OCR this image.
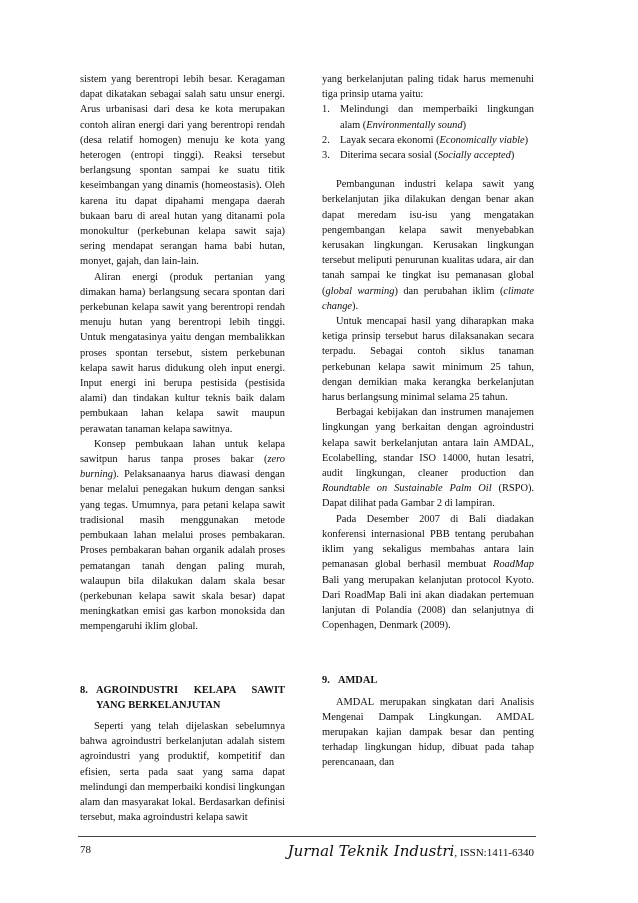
sistem yang berentropi lebih besar. Keragaman dapat dikatakan sebagai salah satu unsur energi. Arus urbanisasi dari desa ke kota merupakan contoh aliran energi dari yang berentropi rendah (desa relatif homogen) menuju ke kota yang heterogen (entropi tinggi). Reaksi tersebut berlangsung spontan sampai ke suatu titik keseimbangan yang dinamis (homeostasis). Oleh karena itu dapat dipahami mengapa daerah bukaan baru di areal hutan yang ditanami pola monokultur (perkebunan kelapa sawit saja) sering mendapat serangan hama babi hutan, monyet, gajah, dan lain-lain.

Aliran energi (produk pertanian yang dimakan hama) berlangsung secara spontan dari perkebunan kelapa sawit yang berentropi rendah menuju hutan yang berentropi lebih tinggi. Untuk mengatasinya yaitu dengan membalikkan proses spontan tersebut, sistem perkebunan kelapa sawit harus didukung oleh input energi. Input energi ini berupa pestisida (pestisida alami) dan tindakan kultur teknis baik dalam pembukaan lahan kelapa sawit maupun perawatan tanaman kelapa sawitnya.

Konsep pembukaan lahan untuk kelapa sawitpun harus tanpa proses bakar (zero burning). Pelaksanaanya harus diawasi dengan benar melalui penegakan hukum dengan sanksi yang tegas. Umumnya, para petani kelapa sawit tradisional masih menggunakan metode pembukaan lahan melalui proses pembakaran. Proses pembakaran bahan organik adalah proses pematangan tanah dengan paling murah, walaupun bila dilakukan dalam skala besar (perkebunan kelapa sawit skala besar) dapat meningkatkan emisi gas karbon monoksida dan mempengaruhi iklim global.

8. AGROINDUSTRI KELAPA SAWIT YANG BERKELANJUTAN

Seperti yang telah dijelaskan sebelumnya bahwa agroindustri berkelanjutan adalah sistem agroindustri yang produktif, kompetitif dan efisien, serta pada saat yang sama dapat melindungi dan memperbaiki kondisi lingkungan alam dan masyarakat lokal. Berdasarkan definisi tersebut, maka agroindustri kelapa sawit

yang berkelanjutan paling tidak harus memenuhi tiga prinsip utama yaitu:

1. Melindungi dan memperbaiki lingkungan alam (Environmentally sound)
2. Layak secara ekonomi (Economically viable)
3. Diterima secara sosial (Socially accepted)

Pembangunan industri kelapa sawit yang berkelanjutan jika dilakukan dengan benar akan dapat meredam isu-isu yang mengatakan pengembangan kelapa sawit menyebabkan kerusakan lingkungan. Kerusakan lingkungan tersebut meliputi penurunan kualitas udara, air dan tanah sampai ke tingkat isu pemanasan global (global warming) dan perubahan iklim (climate change).

Untuk mencapai hasil yang diharapkan maka ketiga prinsip tersebut harus dilaksanakan secara terpadu. Sebagai contoh siklus tanaman perkebunan kelapa sawit minimum 25 tahun, dengan demikian maka kerangka berkelanjutan harus berlangsung minimal selama 25 tahun.

Berbagai kebijakan dan instrumen manajemen lingkungan yang berkaitan dengan agroindustri kelapa sawit berkelanjutan antara lain AMDAL, Ecolabelling, standar ISO 14000, hutan lesatri, audit lingkungan, cleaner production dan Roundtable on Sustainable Palm Oil (RSPO). Dapat dilihat pada Gambar 2 di lampiran.

Pada Desember 2007 di Bali diadakan konferensi internasional PBB tentang perubahan iklim yang sekaligus membahas antara lain pemanasan global berhasil membuat RoadMap Bali yang merupakan kelanjutan protocol Kyoto. Dari RoadMap Bali ini akan diadakan pertemuan lanjutan di Polandia (2008) dan selanjutnya di Copenhagen, Denmark (2009).

9. AMDAL

AMDAL merupakan singkatan dari Analisis Mengenai Dampak Lingkungan. AMDAL merupakan kajian dampak besar dan penting terhadap lingkungan hidup, dibuat pada tahap perencanaan, dan

78	Jurnal Teknik Industri, ISSN:1411-6340
